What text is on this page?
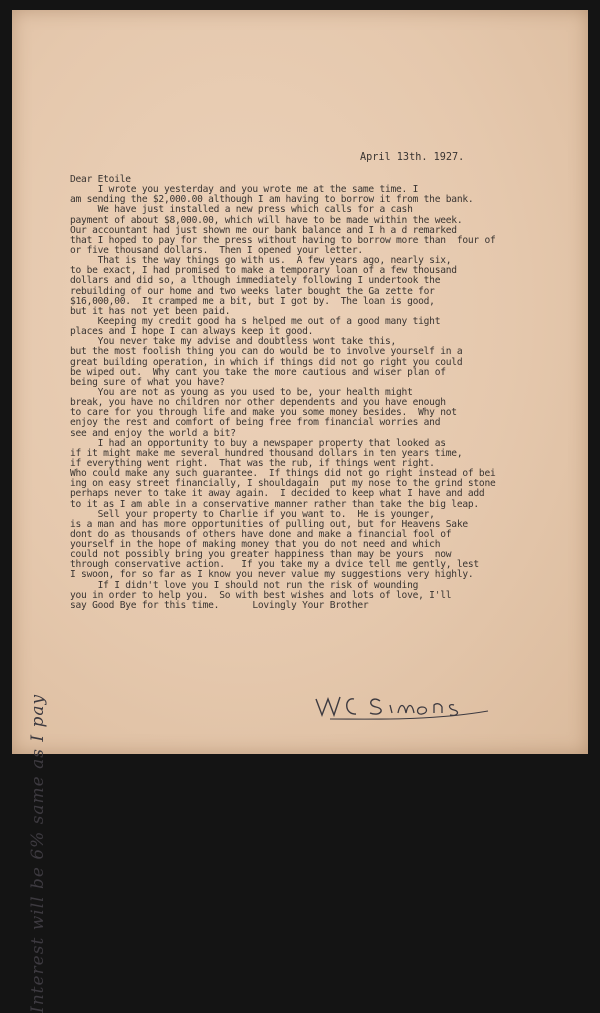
April 13th. 1927.
Dear Etoile
I wrote you yesterday and you wrote me at the same time. I
am sending the $2,000.00 although I am having to borrow it from the bank.
We have just installed a new press which calls for a cash
payment of about $8,000.00, which will have to be made within the week.
Our accountant had just shown me our bank balance and I h a d remarked
that I hoped to pay for the press without having to borrow more than  four of
or five thousand dollars.  Then I opened your letter.
That is the way things go with us.  A few years ago, nearly six,
to be exact, I had promised to make a temporary loan of a few thousand
dollars and did so, a lthough immediately following I undertook the
rebuilding of our home and two weeks later bought the Ga zette for
$16,000,00.  It cramped me a bit, but I got by.  The loan is good,
but it has not yet been paid.
Keeping my credit good ha s helped me out of a good many tight
places and I hope I can always keep it good.
You never take my advise and doubtless wont take this,
but the most foolish thing you can do would be to involve yourself in a
great building operation, in which if things did not go right you could
be wiped out.  Why cant you take the more cautious and wiser plan of
being sure of what you have?
You are not as young as you used to be, your health might
break, you have no children nor other dependents and you have enough
to care for you through life and make you some money besides.  Why not
enjoy the rest and comfort of being free from financial worries and
see and enjoy the world a bit?
I had an opportunity to buy a newspaper property that looked as
if it might make me several hundred thousand dollars in ten years time,
if everything went right.  That was the rub, if things went right.
Who could make any such guarantee.  If things did not go right instead of bei
ing on easy street financially, I shouldagain  put my nose to the grind stone
perhaps never to take it away again.  I decided to keep what I have and add
to it as I am able in a conservative manner rather than take the big leap.
Sell your property to Charlie if you want to.  He is younger,
is a man and has more opportunities of pulling out, but for Heavens Sake
dont do as thousands of others have done and make a financial fool of
yourself in the hope of making money that you do not need and which
could not possibly bring you greater happiness than may be yours  now
through conservative action.   If you take my a dvice tell me gently, lest
I swoon, for so far as I know you never value my suggestions very highly.
If I didn't love you I should not run the risk of wounding
you in order to help you.  So with best wishes and lots of love, I'll
say Good Bye for this time.      Lovingly Your Brother
Interest will be 6% same as I pay
